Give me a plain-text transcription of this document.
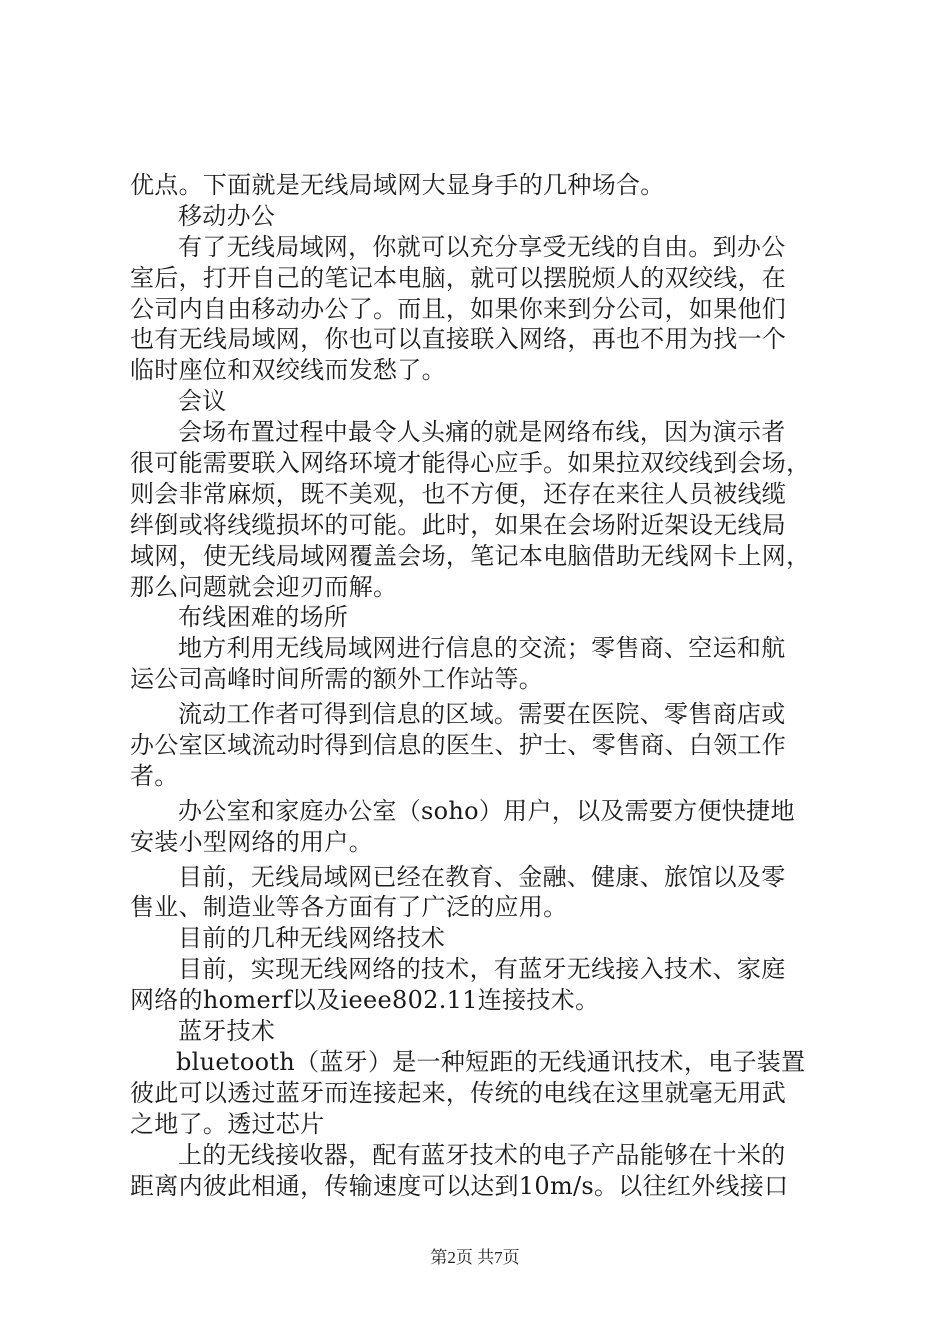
优点。下面就是无线局域网大显身手的几种场合。
移动办公
有了无线局域网，你就可以充分享受无线的自由。到办公
室后，打开自己的笔记本电脑，就可以摆脱烦人的双绞线，在
公司内自由移动办公了。而且，如果你来到分公司，如果他们
也有无线局域网，你也可以直接联入网络，再也不用为找一个
临时座位和双绞线而发愁了。
会议
会场布置过程中最令人头痛的就是网络布线，因为演示者
很可能需要联入网络环境才能得心应手。如果拉双绞线到会场，
则会非常麻烦，既不美观，也不方便，还存在来往人员被线缆
绊倒或将线缆损坏的可能。此时，如果在会场附近架设无线局
域网，使无线局域网覆盖会场，笔记本电脑借助无线网卡上网，
那么问题就会迎刃而解。
布线困难的场所
地方利用无线局域网进行信息的交流；零售商、空运和航
运公司高峰时间所需的额外工作站等。
流动工作者可得到信息的区域。需要在医院、零售商店或
办公室区域流动时得到信息的医生、护士、零售商、白领工作
者。
办公室和家庭办公室（soho）用户，以及需要方便快捷地
安装小型网络的用户。
目前，无线局域网已经在教育、金融、健康、旅馆以及零
售业、制造业等各方面有了广泛的应用。
目前的几种无线网络技术
目前，实现无线网络的技术，有蓝牙无线接入技术、家庭
网络的homerf以及ieee802.11连接技术。
蓝牙技术
bluetooth（蓝牙）是一种短距的无线通讯技术，电子装置
彼此可以透过蓝牙而连接起来，传统的电线在这里就毫无用武
之地了。透过芯片
上的无线接收器，配有蓝牙技术的电子产品能够在十米的
距离内彼此相通，传输速度可以达到10m/s。以往红外线接口
第2页 共7页
